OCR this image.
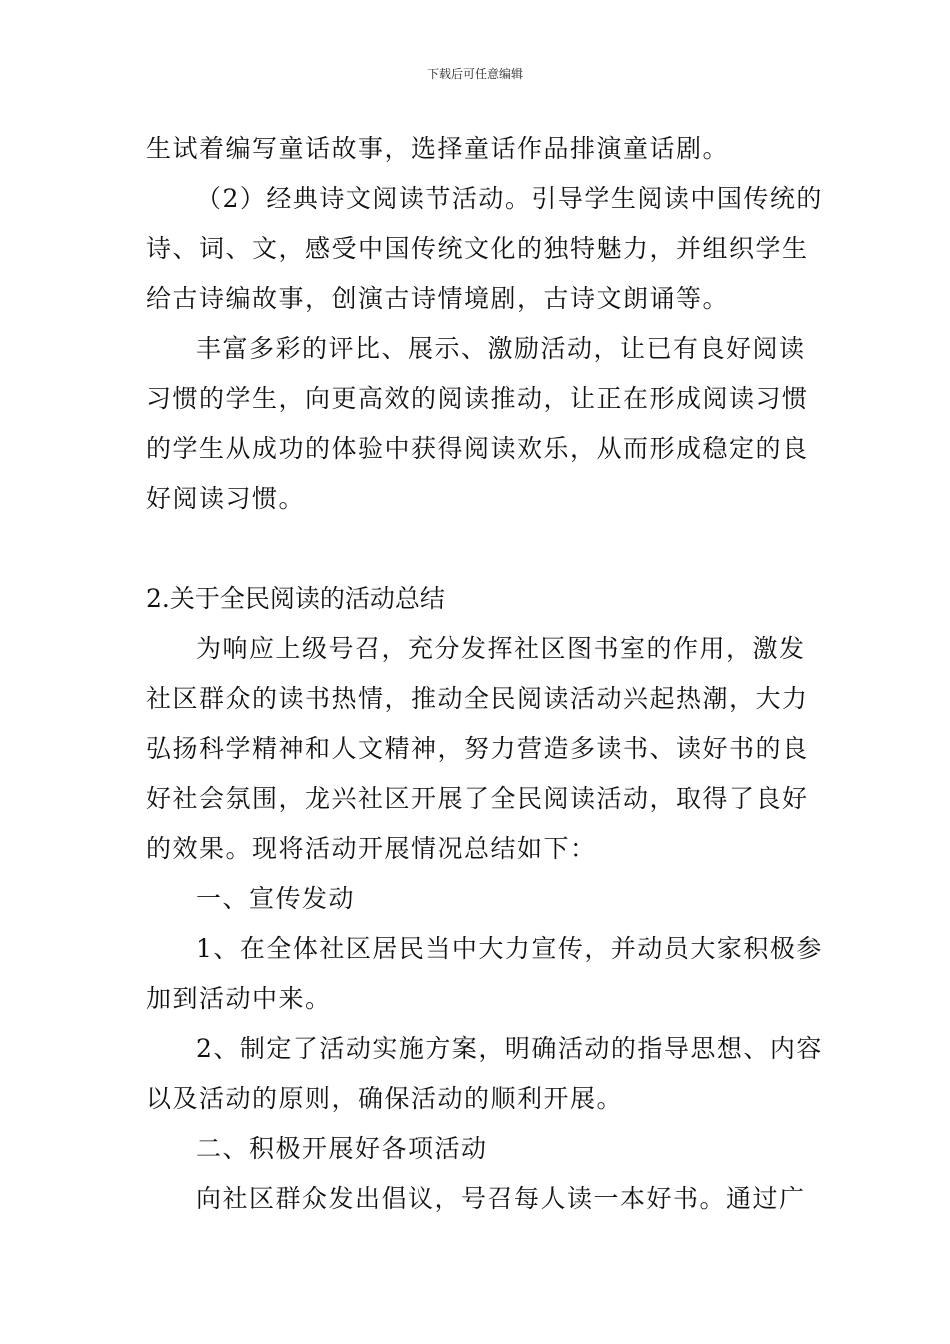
下载后可任意编辑
生试着编写童话故事，选择童话作品排演童话剧。
（2）经典诗文阅读节活动。引导学生阅读中国传统的
诗、词、文，感受中国传统文化的独特魅力，并组织学生
给古诗编故事，创演古诗情境剧，古诗文朗诵等。
丰富多彩的评比、展示、激励活动，让已有良好阅读
习惯的学生，向更高效的阅读推动，让正在形成阅读习惯
的学生从成功的体验中获得阅读欢乐，从而形成稳定的良
好阅读习惯。
2.关于全民阅读的活动总结
为响应上级号召，充分发挥社区图书室的作用，激发
社区群众的读书热情，推动全民阅读活动兴起热潮，大力
弘扬科学精神和人文精神，努力营造多读书、读好书的良
好社会氛围，龙兴社区开展了全民阅读活动，取得了良好
的效果。现将活动开展情况总结如下：
一、宣传发动
1、在全体社区居民当中大力宣传，并动员大家积极参
加到活动中来。
2、制定了活动实施方案，明确活动的指导思想、内容
以及活动的原则，确保活动的顺利开展。
二、积极开展好各项活动
向社区群众发出倡议，号召每人读一本好书。通过广
